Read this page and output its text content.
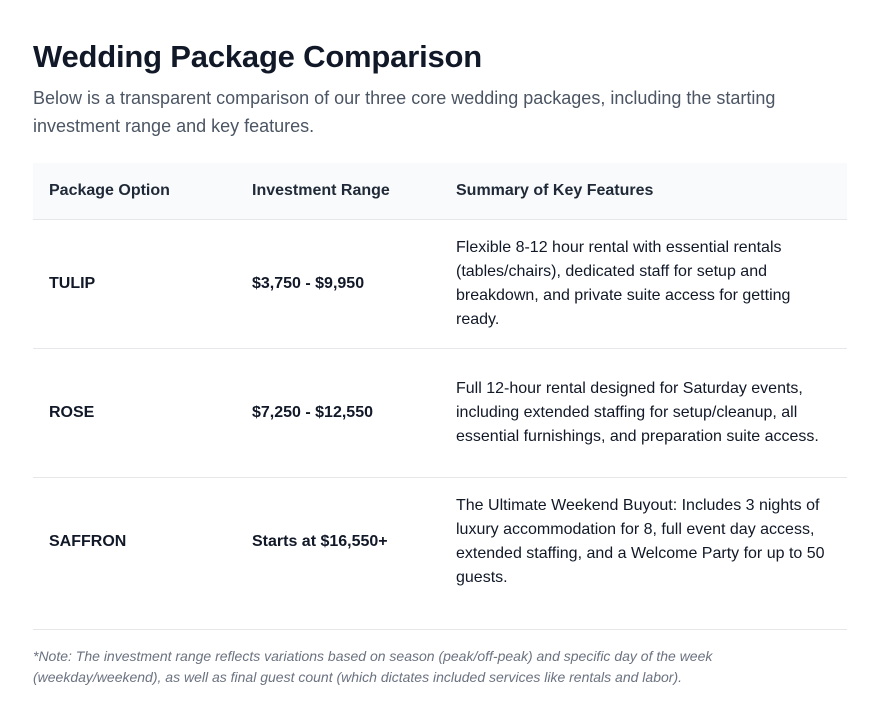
Wedding Package Comparison

Below is a transparent comparison of our three core wedding packages, including the starting investment range and key features.

Package Option	Investment Range	Summary of Key Features
TULIP	$3,750 - $9,950	Flexible 8-12 hour rental with essential rentals (tables/chairs), dedicated staff for setup and breakdown, and private suite access for getting ready.
ROSE	$7,250 - $12,550	Full 12-hour rental designed for Saturday events, including extended staffing for setup/cleanup, all essential furnishings, and preparation suite access.
SAFFRON	Starts at $16,550+	The Ultimate Weekend Buyout: Includes 3 nights of luxury accommodation for 8, full event day access, extended staffing, and a Welcome Party for up to 50 guests.

*Note: The investment range reflects variations based on season (peak/off-peak) and specific day of the week (weekday/weekend), as well as final guest count (which dictates included services like rentals and labor).
